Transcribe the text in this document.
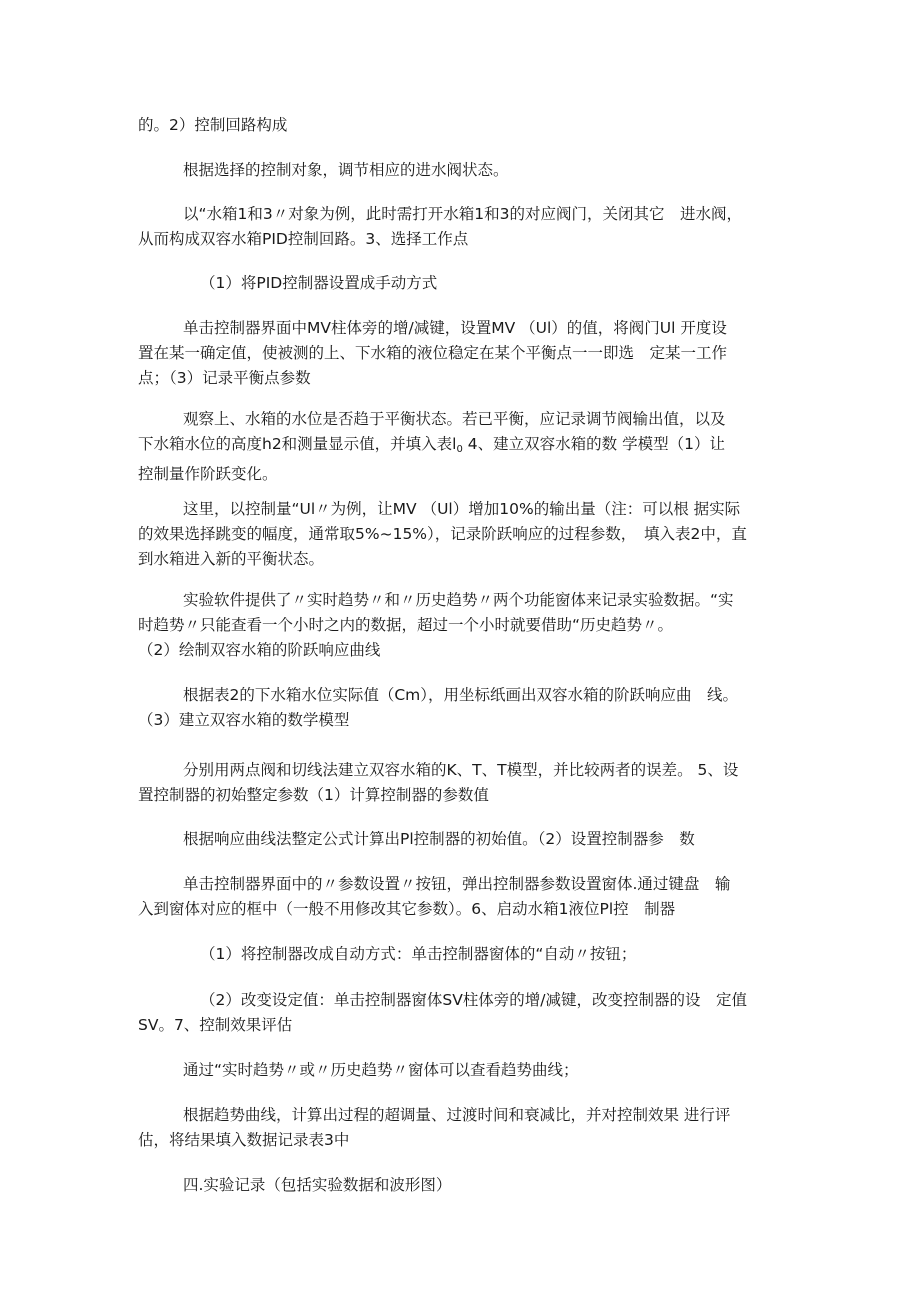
的。2）控制回路构成

根据选择的控制对象，调节相应的进水阀状态。

以“水箱1和3〃对象为例，此时需打开水箱1和3的对应阀门，关闭其它　进水阀，
从而构成双容水箱PID控制回路。3、选择工作点

（1）将PID控制器设置成手动方式

单击控制器界面中MV柱体旁的增/减键，设置MV （Ul）的值，将阀门Ul 开度设
置在某一确定值，使被测的上、下水箱的液位稳定在某个平衡点一一即选　定某一工作
点；（3）记录平衡点参数

观察上、水箱的水位是否趋于平衡状态。若已平衡，应记录调节阀输出值，以及
下水箱水位的高度h2和测量显示值，并填入表$l_0$ 4、建立双容水箱的数 学模型（1）让
控制量作阶跃变化。

这里，以控制量“Ul〃为例，让MV （Ul）增加10%的输出量（注：可以根 据实际
的效果选择跳变的幅度，通常取5%~15%），记录阶跃响应的过程参数，　填入表2中，直
到水箱进入新的平衡状态。

实验软件提供了〃实时趋势〃和〃历史趋势〃两个功能窗体来记录实验数据。“实
时趋势〃只能查看一个小时之内的数据，超过一个小时就要借助“历史趋势〃。
（2）绘制双容水箱的阶跃响应曲线

根据表2的下水箱水位实际值（Cm），用坐标纸画出双容水箱的阶跃响应曲　线。
（3）建立双容水箱的数学模型

分别用两点阀和切线法建立双容水箱的K、T、T模型，并比较两者的误差。 5、设
置控制器的初始整定参数（1）计算控制器的参数值

根据响应曲线法整定公式计算出Pl控制器的初始值。（2）设置控制器参　数

单击控制器界面中的〃参数设置〃按钮，弹出控制器参数设置窗体.通过键盘　输
入到窗体对应的框中（一般不用修改其它参数）。6、启动水箱1液位Pl控　制器

（1）将控制器改成自动方式：单击控制器窗体的“自动〃按钮；

（2）改变设定值：单击控制器窗体SV柱体旁的增/减键，改变控制器的设　定值
SV。7、控制效果评估

通过“实时趋势〃或〃历史趋势〃窗体可以查看趋势曲线；

根据趋势曲线，计算出过程的超调量、过渡时间和衰减比，并对控制效果 进行评
估，将结果填入数据记录表3中

四.实验记录（包括实验数据和波形图）
